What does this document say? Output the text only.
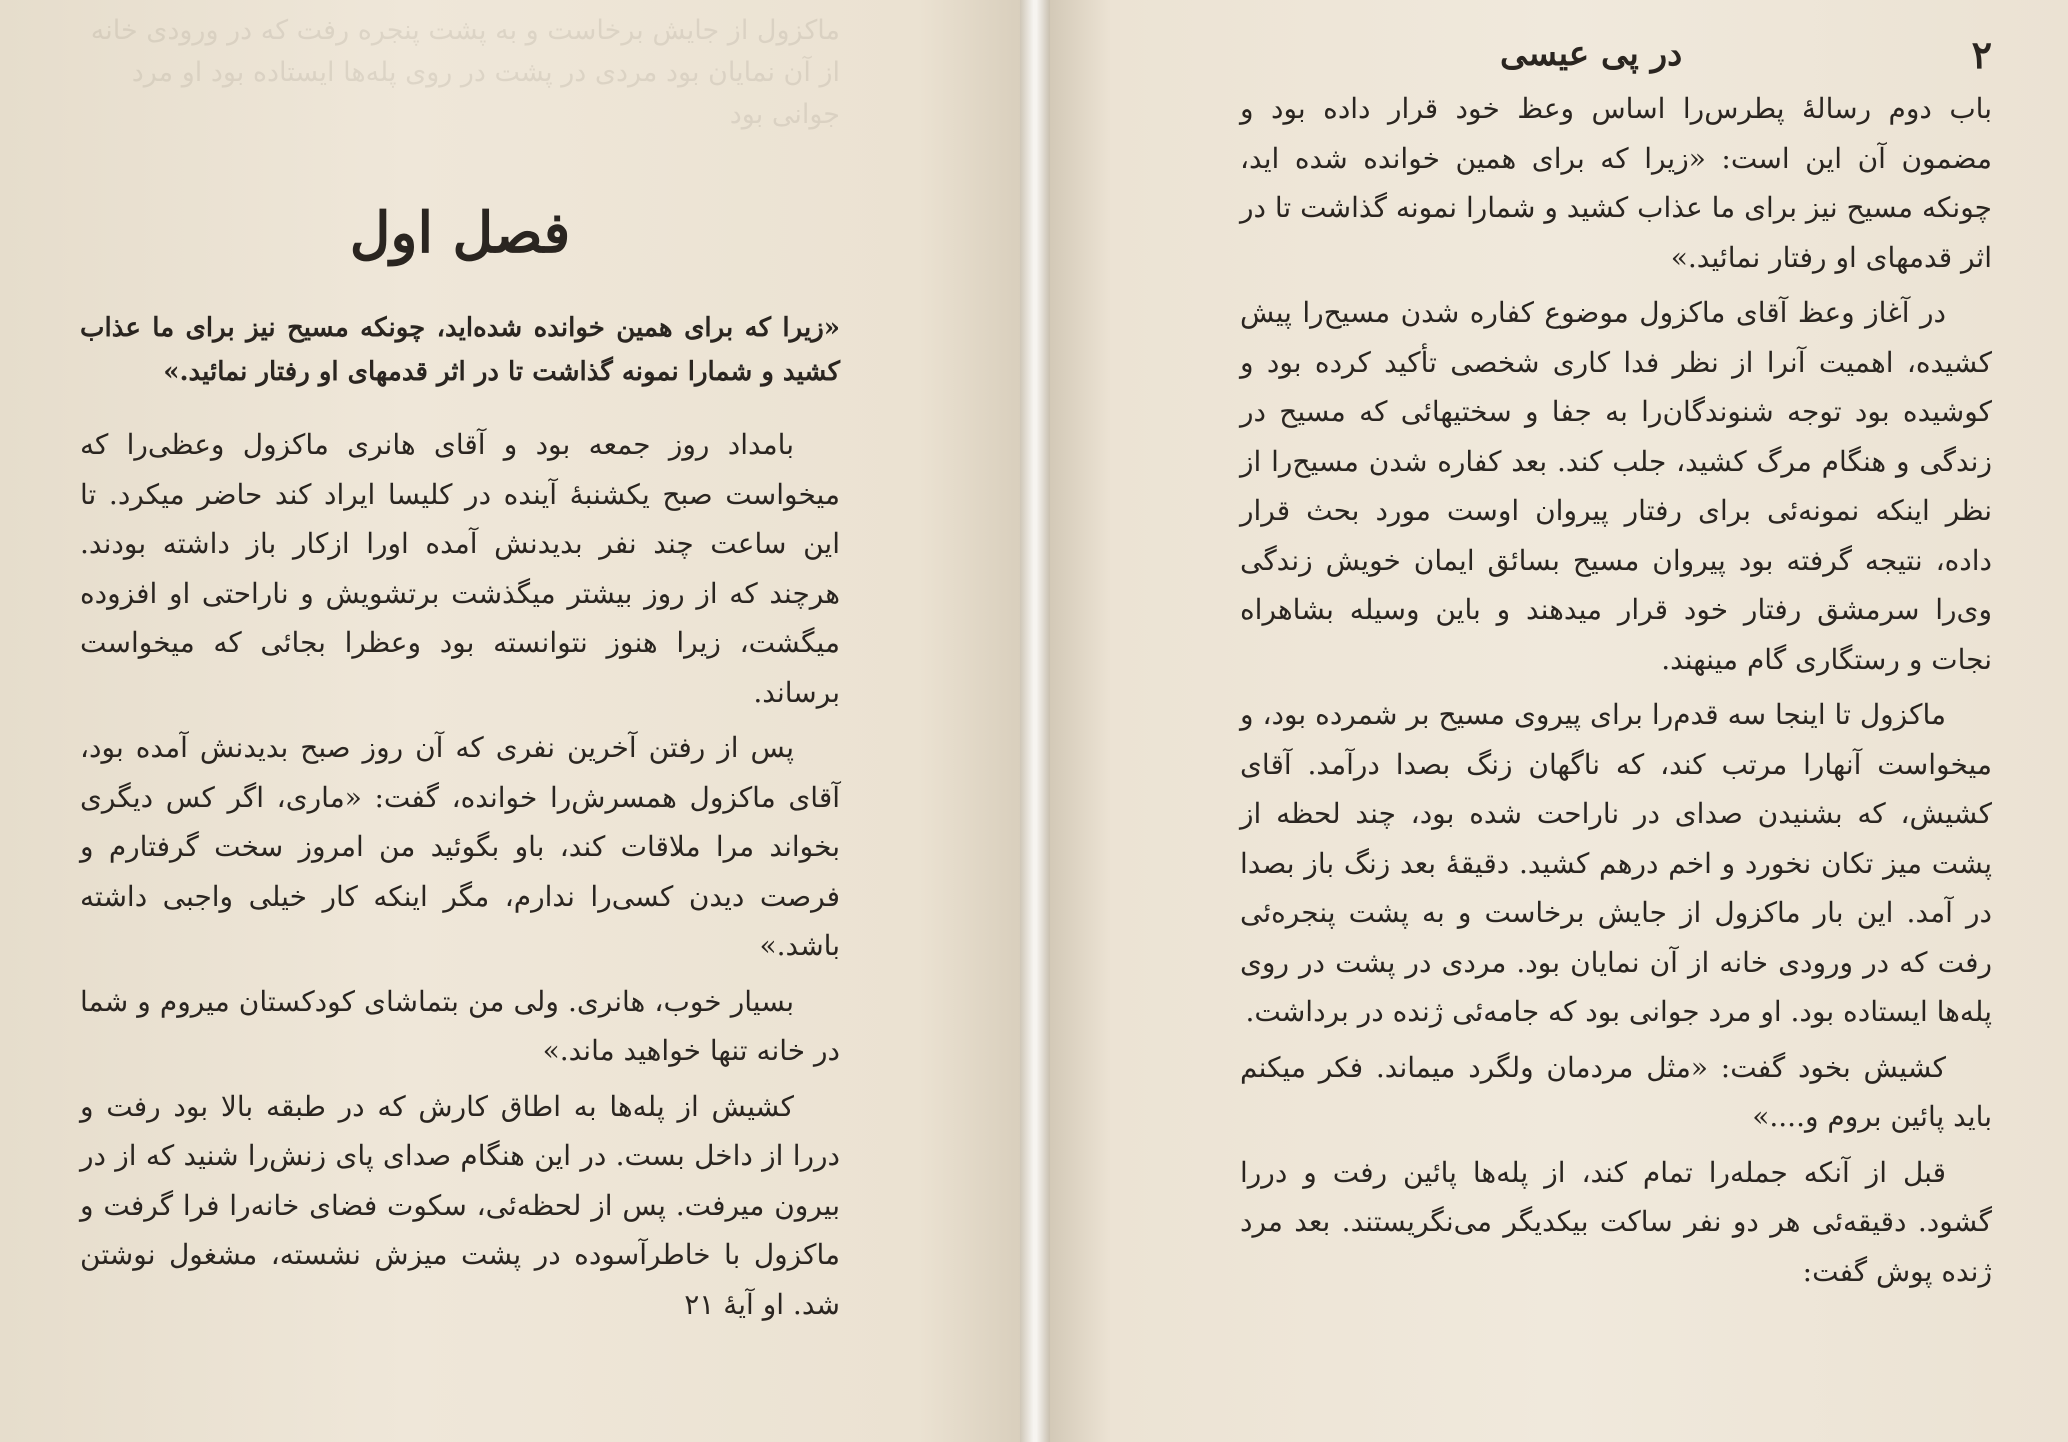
ماکزول از جایش برخاست و به پشت پنجره رفت که در ورودی خانه از آن نمایان بود مردی در پشت در روی پله‌ها ایستاده بود او مرد جوانی بود
فصل اول
«زیرا که برای همین خوانده شده‌اید، چونکه مسیح نیز برای ما عذاب کشید و شمارا نمونه گذاشت تا در اثر قدمهای او رفتار نمائید.»

بامداد روز جمعه بود و آقای هانری ماکزول وعظی‌را که میخواست صبح یکشنبهٔ آینده در کلیسا ایراد کند حاضر میکرد. تا این ساعت چند نفر بدیدنش آمده اورا ازکار باز داشته بودند. هرچند که از روز بیشتر میگذشت برتشویش و ناراحتی او افزوده میگشت، زیرا هنوز نتوانسته بود وعظرا بجائی که میخواست برساند.

پس از رفتن آخرین نفری که آن روز صبح بدیدنش آمده بود، آقای ماکزول همسرش‌را خوانده، گفت: «ماری، اگر کس دیگری بخواند مرا ملاقات کند، باو بگوئید من امروز سخت گرفتارم و فرصت دیدن کسی‌را ندارم، مگر اینکه کار خیلی واجبی داشته باشد.»

بسیار خوب، هانری. ولی من بتماشای کودکستان میروم و شما در خانه تنها خواهید ماند.»

کشیش از پله‌ها به اطاق کارش که در طبقه بالا بود رفت و دررا از داخل بست. در این هنگام صدای پای زنش‌را شنید که از در بیرون میرفت. پس از لحظه‌ئی، سکوت فضای خانه‌را فرا گرفت و ماکزول با خاطرآسوده در پشت میزش نشسته، مشغول نوشتن شد. او آیهٔ ۲۱

۲
در پی عیسی

باب دوم رسالهٔ پطرس‌را اساس وعظ خود قرار داده بود و مضمون آن این است: «زیرا که برای همین خوانده شده اید، چونکه مسیح نیز برای ما عذاب کشید و شمارا نمونه گذاشت تا در اثر قدمهای او رفتار نمائید.»

در آغاز وعظ آقای ماکزول موضوع کفاره شدن مسیح‌را پیش کشیده، اهمیت آنرا از نظر فدا کاری شخصی تأکید کرده بود و کوشیده بود توجه شنوندگان‌را به جفا و سختیهائی که مسیح در زندگی و هنگام مرگ کشید، جلب کند. بعد کفاره شدن مسیح‌را از نظر اینکه نمونه‌ئی برای رفتار پیروان اوست مورد بحث قرار داده، نتیجه گرفته بود پیروان مسیح بسائق ایمان خویش زندگی وی‌را سرمشق رفتار خود قرار میدهند و باین وسیله بشاهراه نجات و رستگاری گام مینهند.

ماکزول تا اینجا سه قدم‌را برای پیروی مسیح بر شمرده بود، و میخواست آنهارا مرتب کند، که ناگهان زنگ بصدا درآمد. آقای کشیش، که بشنیدن صدای در ناراحت شده بود، چند لحظه از پشت میز تکان نخورد و اخم درهم کشید. دقیقهٔ بعد زنگ باز بصدا در آمد. این بار ماکزول از جایش برخاست و به پشت پنجره‌ئی رفت که در ورودی خانه از آن نمایان بود. مردی در پشت در روی پله‌ها ایستاده بود. او مرد جوانی بود که جامه‌ئی ژنده در برداشت.

کشیش بخود گفت: «مثل مردمان ولگرد میماند. فکر میکنم باید پائین بروم و....»

قبل از آنکه جمله‌را تمام کند، از پله‌ها پائین رفت و دررا گشود. دقیقه‌ئی هر دو نفر ساکت بیکدیگر می‌نگریستند. بعد مرد ژنده پوش گفت:
